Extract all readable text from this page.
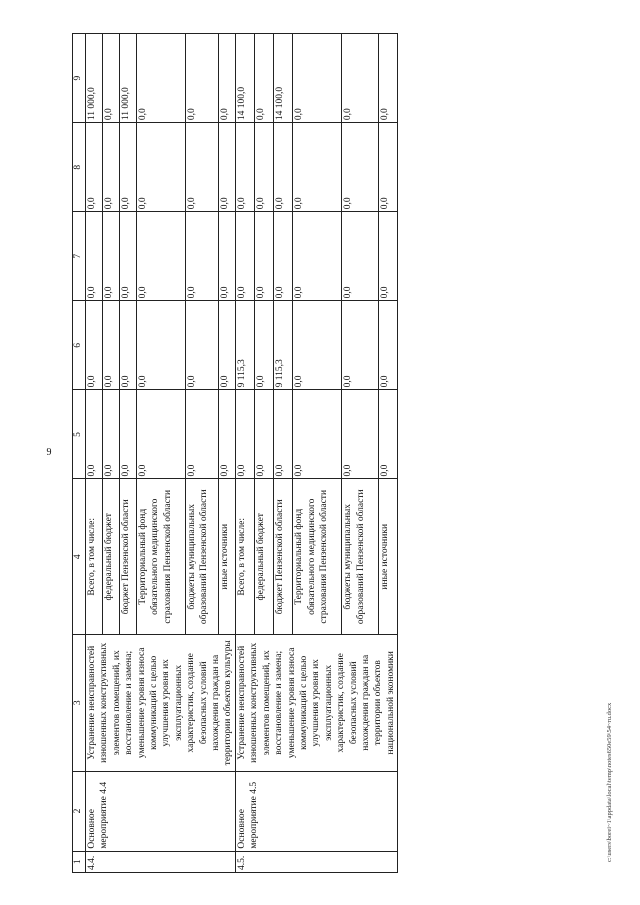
9
1	2	3	4	5	6	7	8	9
4.4.	Основное мероприятие 4.4	Устранение неисправностей изношенных конструктивных элементов помещений, их восстановление и замена; уменьшение уровня износа коммуникаций с целью улучшения уровня их эксплуатационных характеристик, создание безопасных условий нахождения граждан на территории объектов культуры	Всего, в том числе:	0,0	0,0	0,0	0,0	11 000,0
			федеральный бюджет	0,0	0,0	0,0	0,0	0,0
			бюджет Пензенской области	0,0	0,0	0,0	0,0	11 000,0
			Территориальный фонд обязательного медицинского страхования Пензенской области	0,0	0,0	0,0	0,0	0,0
			бюджеты муниципальных образований Пензенской области	0,0	0,0	0,0	0,0	0,0
			иные источники	0,0	0,0	0,0	0,0	0,0
4.5.	Основное мероприятие 4.5	Устранение неисправностей изношенных конструктивных элементов помещений, их восстановление и замена; уменьшение уровня износа коммуникаций с целью улучшения уровня их эксплуатационных характеристик, создание безопасных условий нахождения граждан на территории объектов национальной экономики	Всего, в том числе:	0,0	9 115,3	0,0	0,0	14 100,0
			федеральный бюджет	0,0	0,0	0,0	0,0	0,0
			бюджет Пензенской области	0,0	9 115,3	0,0	0,0	14 100,0
			Территориальный фонд обязательного медицинского страхования Пензенской области	0,0	0,0	0,0	0,0	0,0
			бюджеты муниципальных образований Пензенской области	0,0	0,0	0,0	0,0	0,0
			иные источники	0,0	0,0	0,0	0,0	0,0
c:\users\borei~1\appdata\local\temp\notes650e59\54~ru.docx
